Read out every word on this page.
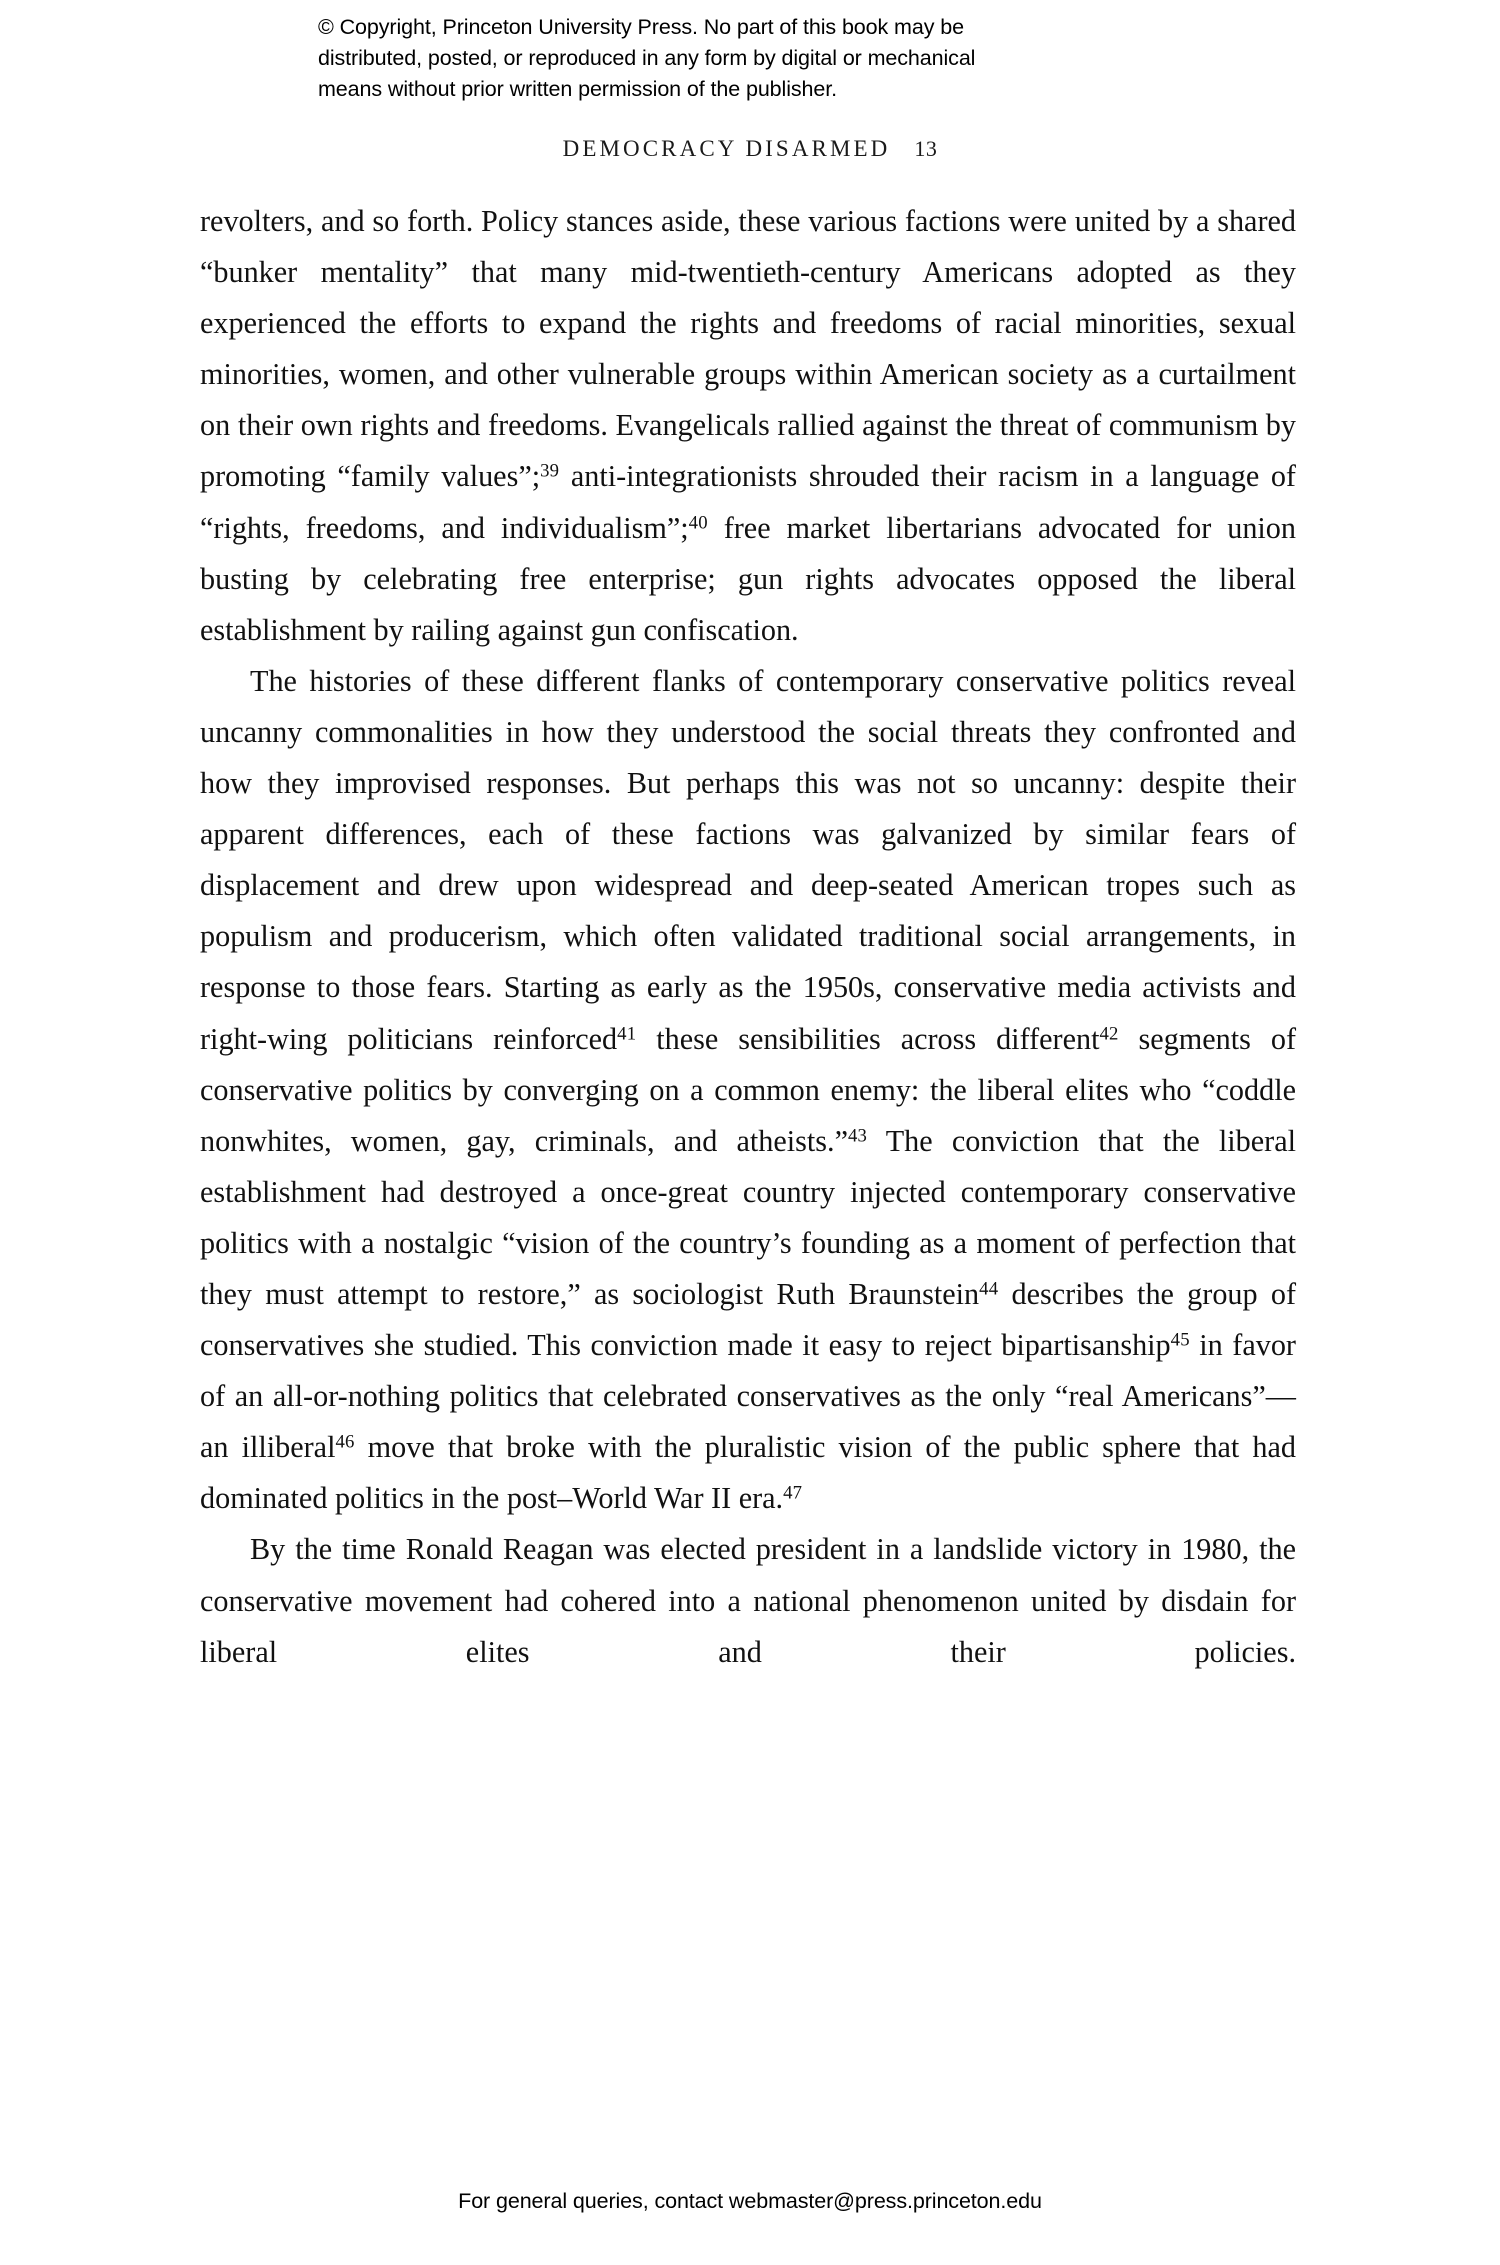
© Copyright, Princeton University Press. No part of this book may be
distributed, posted, or reproduced in any form by digital or mechanical
means without prior written permission of the publisher.
DEMOCRACY DISARMED 13

revolters, and so forth. Policy stances aside, these various factions were united by a shared “bunker mentality” that many mid-twentieth-century Americans adopted as they experienced the efforts to expand the rights and freedoms of racial minorities, sexual minorities, women, and other vulnerable groups within American society as a curtailment on their own rights and freedoms. Evangelicals rallied against the threat of communism by promoting “family values”;$^{39}$ anti-integrationists shrouded their racism in a language of “rights, freedoms, and individualism”;$^{40}$ free market libertarians advocated for union busting by celebrating free enterprise; gun rights advocates opposed the liberal establishment by railing against gun confiscation.

The histories of these different flanks of contemporary conservative politics reveal uncanny commonalities in how they understood the social threats they confronted and how they improvised responses. But perhaps this was not so uncanny: despite their apparent differences, each of these factions was galvanized by similar fears of displacement and drew upon widespread and deep-seated American tropes such as populism and producerism, which often validated traditional social arrangements, in response to those fears. Starting as early as the 1950s, conservative media activists and right-wing politicians reinforced$^{41}$ these sensibilities across different$^{42}$ segments of conservative politics by converging on a common enemy: the liberal elites who “coddle nonwhites, women, gay, criminals, and atheists.”$^{43}$ The conviction that the liberal establishment had destroyed a once-great country injected contemporary conservative politics with a nostalgic “vision of the country’s founding as a moment of perfection that they must attempt to restore,” as sociologist Ruth Braunstein$^{44}$ describes the group of conservatives she studied. This conviction made it easy to reject bipartisanship$^{45}$ in favor of an all-or-nothing politics that celebrated conservatives as the only “real Americans”—an illiberal$^{46}$ move that broke with the pluralistic vision of the public sphere that had dominated politics in the post–World War II era.$^{47}$

By the time Ronald Reagan was elected president in a landslide victory in 1980, the conservative movement had cohered into a national phenomenon united by disdain for liberal elites and their policies.

For general queries, contact webmaster@press.princeton.edu
